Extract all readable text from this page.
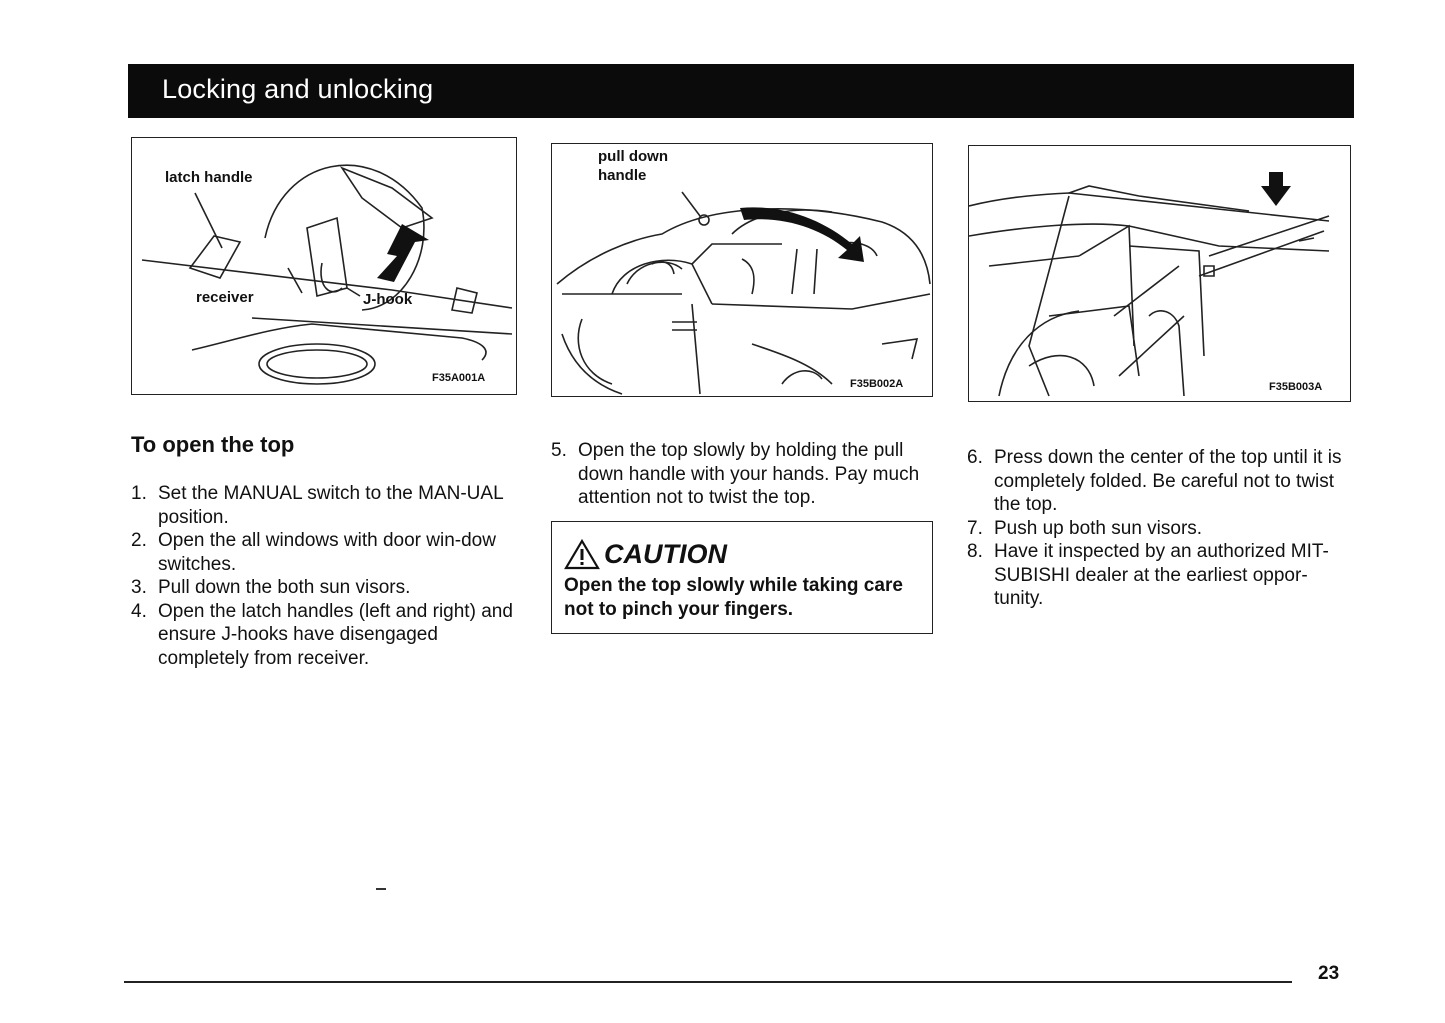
Locking and unlocking
latch handle
receiver	J-hook
F35A001A
pull down handle
F35B002A	F35B003A
To open the top
1. Set the MANUAL switch to the MAN-UAL position.
2. Open the all windows with door win-dow switches.
3. Pull down the both sun visors.
4. Open the latch handles (left and right) and ensure J-hooks have disengaged completely from receiver.
5. Open the top slowly by holding the pull down handle with your hands. Pay much attention not to twist the top.
CAUTION
Open the top slowly while taking care not to pinch your fingers.
6. Press down the center of the top until it is completely folded. Be careful not to twist the top.
7. Push up both sun visors.
8. Have it inspected by an authorized MIT-SUBISHI dealer at the earliest oppor-tunity.
23
